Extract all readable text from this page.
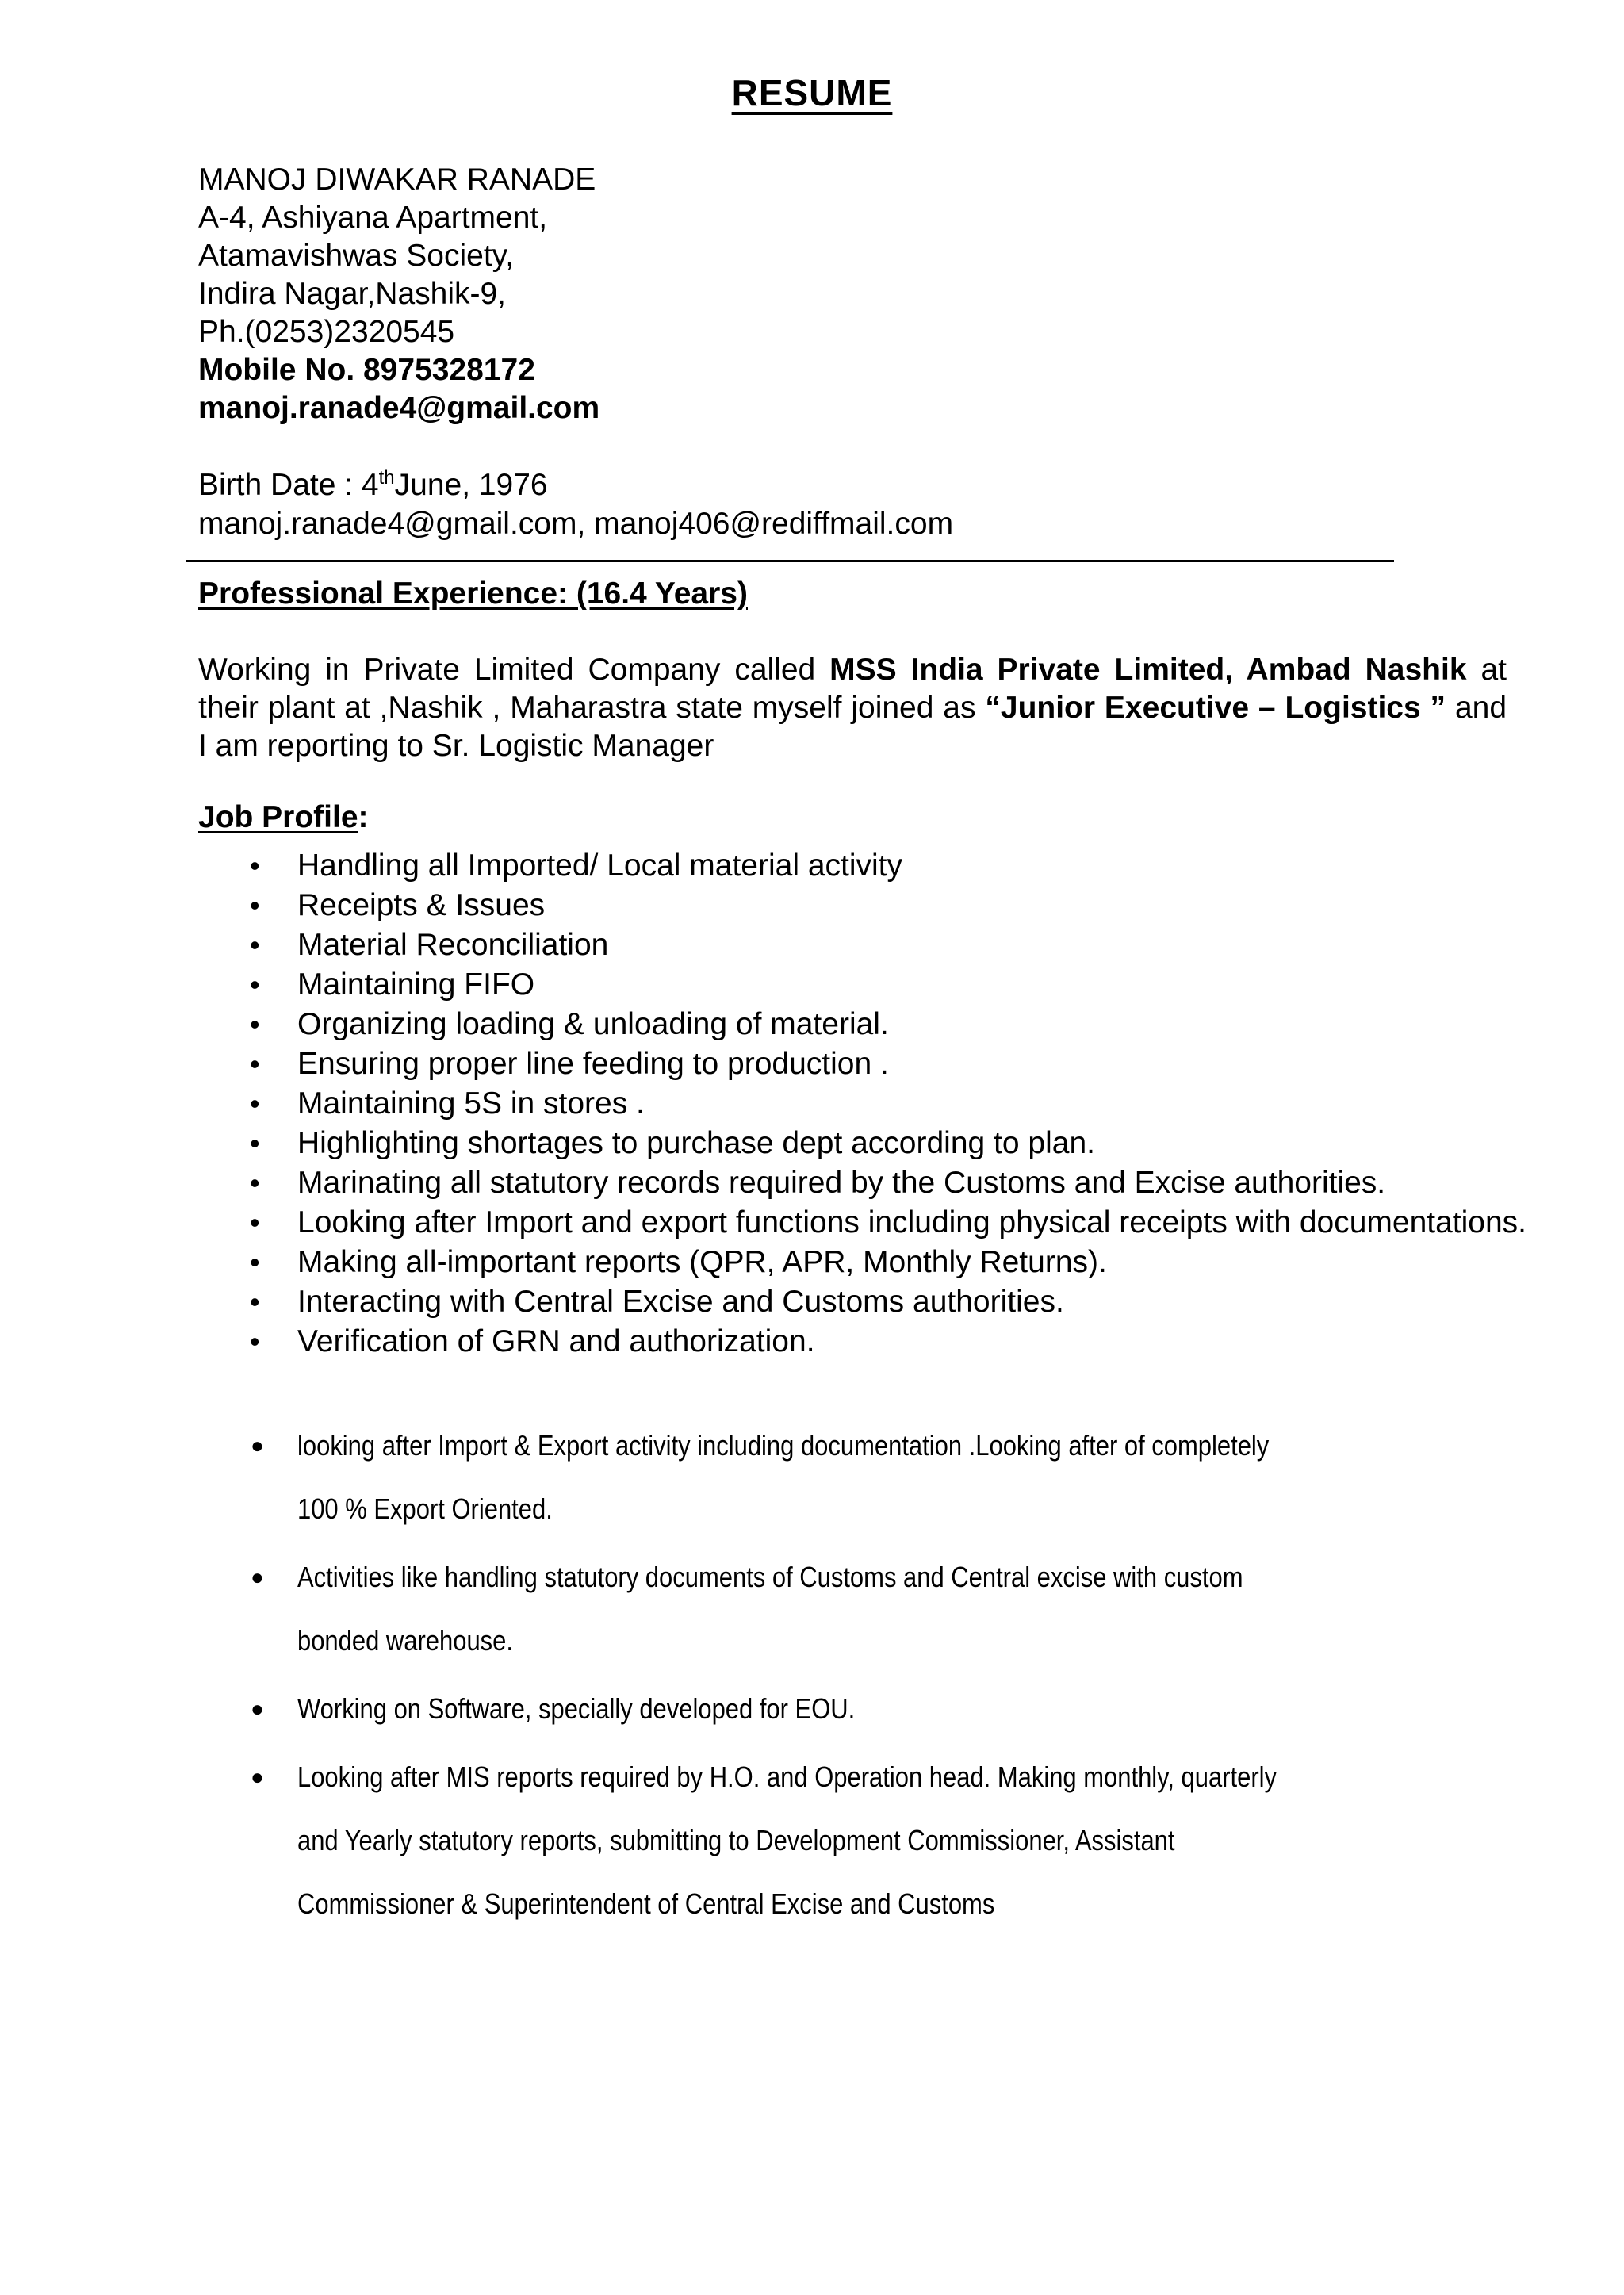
RESUME
MANOJ DIWAKAR RANADE
A-4, Ashiyana Apartment,
Atamavishwas Society,
Indira Nagar,Nashik-9,
Ph.(0253)2320545
Mobile No. 8975328172
manoj.ranade4@gmail.com
Birth Date : 4thJune, 1976
manoj.ranade4@gmail.com, manoj406@rediffmail.com
Professional Experience: (16.4 Years)
Working in Private Limited Company called MSS India Private Limited, Ambad Nashik at their plant at ,Nashik , Maharastra state myself joined as “Junior Executive – Logistics ” and I am reporting to Sr. Logistic Manager
Job Profile:
• Handling all Imported/ Local material activity
• Receipts & Issues
• Material Reconciliation
• Maintaining FIFO
• Organizing loading & unloading of material.
• Ensuring proper line feeding to production .
• Maintaining 5S in stores .
• Highlighting shortages to purchase dept according to plan.
• Marinating all statutory records required by the Customs and Excise authorities.
• Looking after Import and export functions including physical receipts with documentations.
• Making all-important reports (QPR, APR, Monthly Returns).
• Interacting with Central Excise and Customs authorities.
• Verification of GRN and authorization.
● looking after Import & Export activity including documentation .Looking after of completely
100 % Export Oriented.
● Activities like handling statutory documents of Customs and Central excise with custom
bonded warehouse.
● Working on Software, specially developed for EOU.
● Looking after MIS reports required by H.O. and Operation head. Making monthly, quarterly
and Yearly statutory reports, submitting to Development Commissioner, Assistant
Commissioner & Superintendent of Central Excise and Customs
